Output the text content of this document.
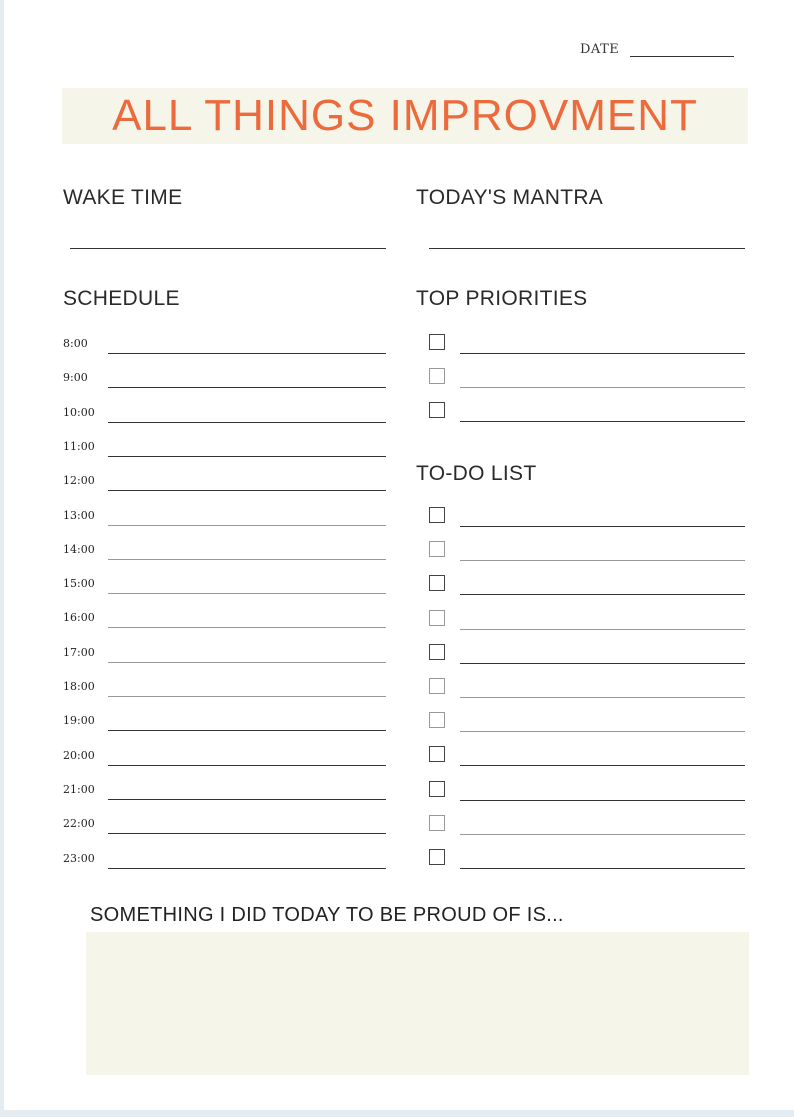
DATE
ALL THINGS IMPROVMENT
WAKE TIME	TODAY'S MANTRA
SCHEDULE
8:00
9:00
10:00
11:00
12:00
13:00
14:00
15:00
16:00
17:00
18:00
19:00
20:00
21:00
22:00
23:00
TOP PRIORITIES
TO-DO LIST
SOMETHING I DID TODAY TO BE PROUD OF IS...
